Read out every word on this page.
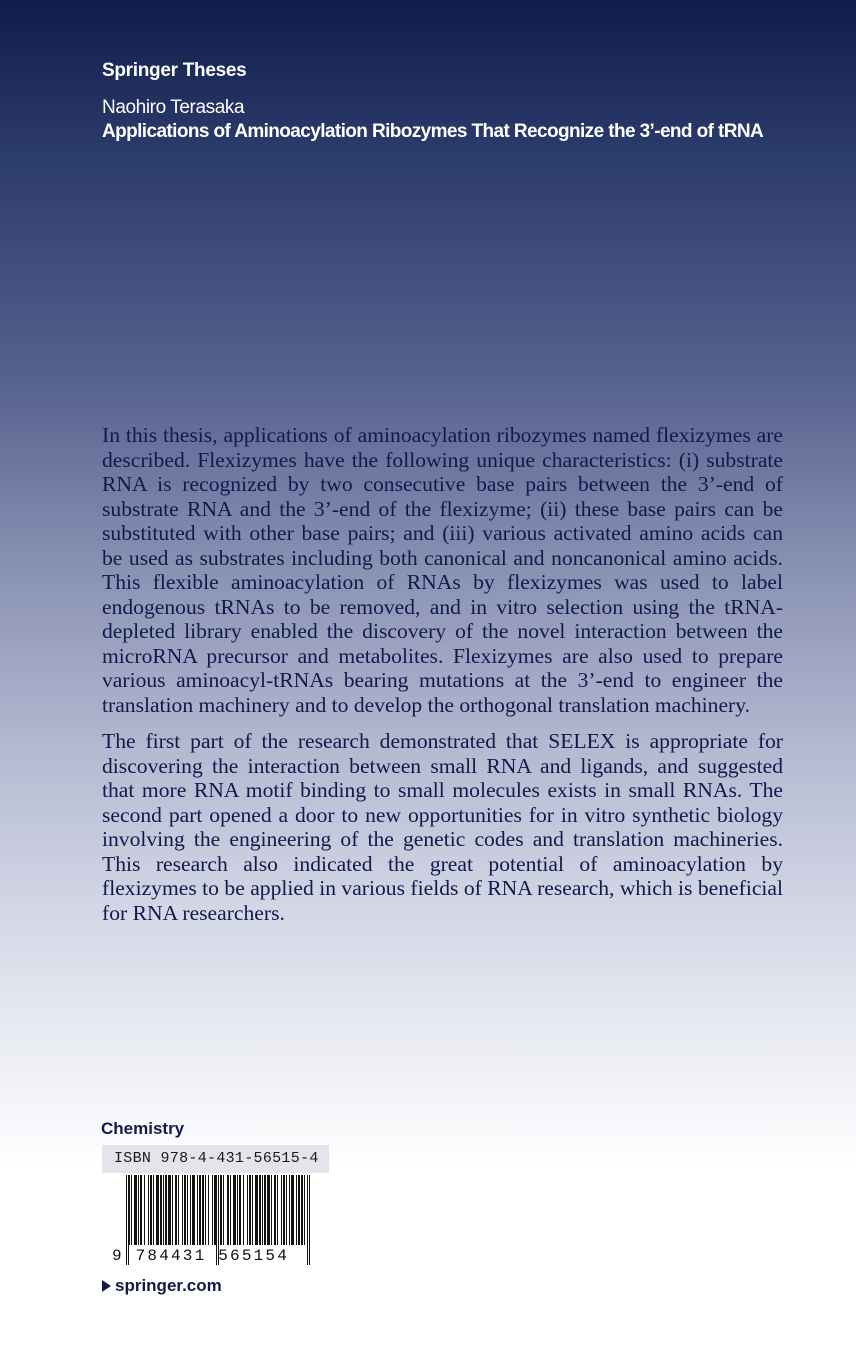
Springer Theses
Naohiro Terasaka
Applications of Aminoacylation Ribozymes That Recognize the 3’-end of tRNA

In this thesis, applications of aminoacylation ribozymes named flexizymes are described. Flexizymes have the following unique characteristics: (i) substrate RNA is recognized by two consecutive base pairs between the 3’-end of substrate RNA and the 3’-end of the flexizyme; (ii) these base pairs can be substituted with other base pairs; and (iii) various activated amino acids can be used as substrates including both canonical and noncanonical amino acids. This flexible aminoacylation of RNAs by flexizymes was used to label endogenous tRNAs to be removed, and in vitro selection using the tRNA-depleted library enabled the discovery of the novel interaction between the microRNA precursor and metabolites. Flexizymes are also used to prepare various aminoacyl-tRNAs bearing mutations at the 3’-end to engineer the translation machinery and to develop the orthogonal translation machinery.

The first part of the research demonstrated that SELEX is appropriate for discovering the interaction between small RNA and ligands, and suggested that more RNA motif binding to small molecules exists in small RNAs. The second part opened a door to new opportunities for in vitro synthetic biology involving the engineering of the genetic codes and translation machineries. This research also indicated the great potential of aminoacylation by flexizymes to be applied in various fields of RNA research, which is beneficial for RNA researchers.

Chemistry
ISBN 978-4-431-56515-4
9 784431 565154
springer.com
